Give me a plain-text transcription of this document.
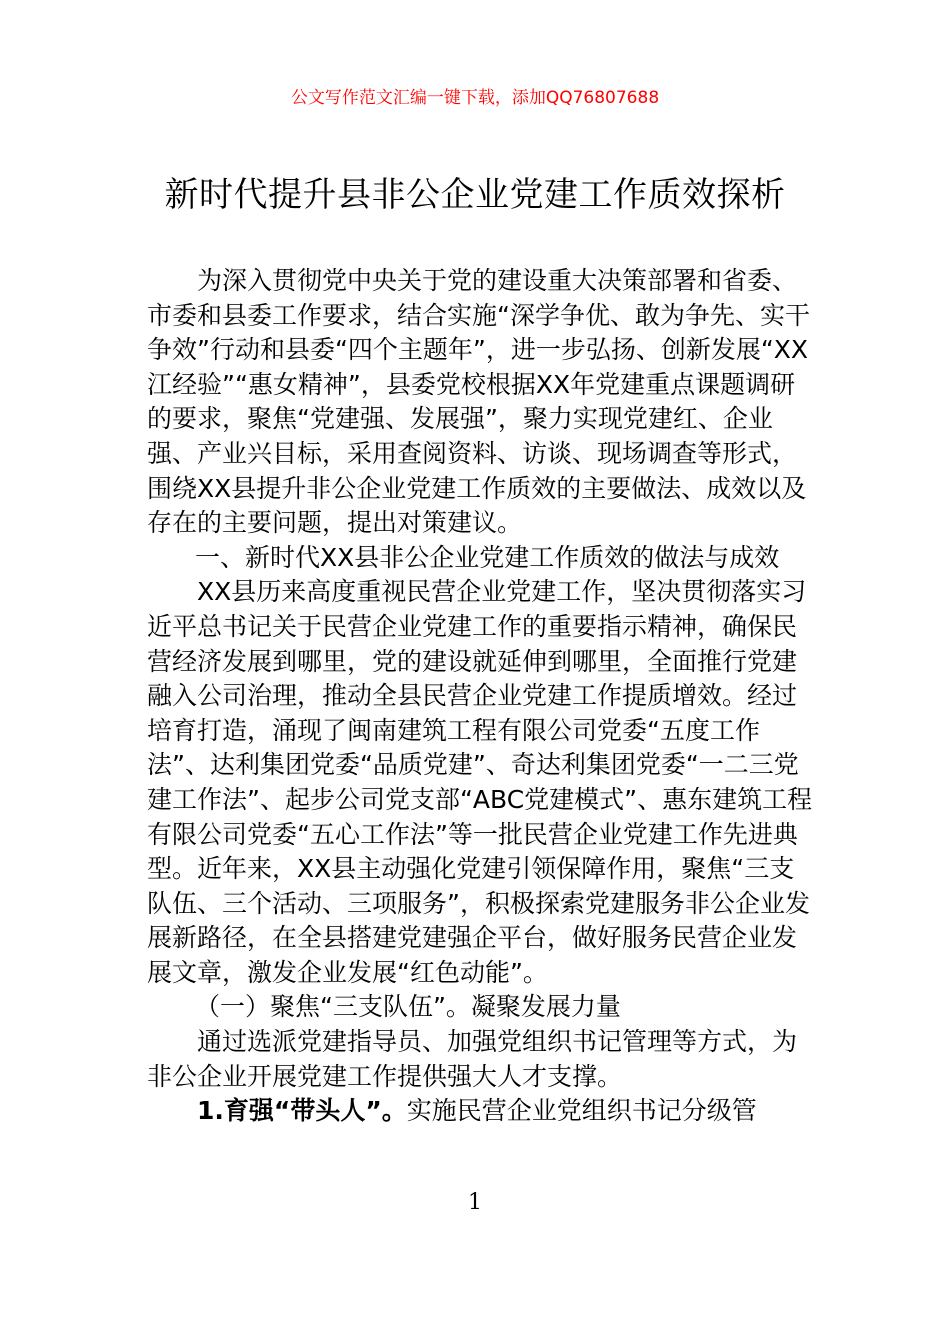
公文写作范文汇编一键下载，添加QQ76807688
新时代提升县非公企业党建工作质效探析

为深入贯彻党中央关于党的建设重大决策部署和省委、市委和县委工作要求，结合实施“深学争优、敢为争先、实干争效”行动和县委“四个主题年”，进一步弘扬、创新发展“XX江经验”“惠女精神”，县委党校根据XX年党建重点课题调研的要求，聚焦“党建强、发展强”，聚力实现党建红、企业强、产业兴目标，采用查阅资料、访谈、现场调查等形式，围绕XX县提升非公企业党建工作质效的主要做法、成效以及存在的主要问题，提出对策建议。

一、新时代XX县非公企业党建工作质效的做法与成效

XX县历来高度重视民营企业党建工作，坚决贯彻落实习近平总书记关于民营企业党建工作的重要指示精神，确保民营经济发展到哪里，党的建设就延伸到哪里，全面推行党建融入公司治理，推动全县民营企业党建工作提质增效。经过培育打造，涌现了闽南建筑工程有限公司党委“五度工作法”、达利集团党委“品质党建”、奇达利集团党委“一二三党建工作法”、起步公司党支部“ABC党建模式”、惠东建筑工程有限公司党委“五心工作法”等一批民营企业党建工作先进典型。近年来，XX县主动强化党建引领保障作用，聚焦“三支队伍、三个活动、三项服务”，积极探索党建服务非公企业发展新路径，在全县搭建党建强企平台，做好服务民营企业发展文章，激发企业发展“红色动能”。

（一）聚焦“三支队伍”。凝聚发展力量

通过选派党建指导员、加强党组织书记管理等方式，为非公企业开展党建工作提供强大人才支撑。

1.育强“带头人”。实施民营企业党组织书记分级管

1
